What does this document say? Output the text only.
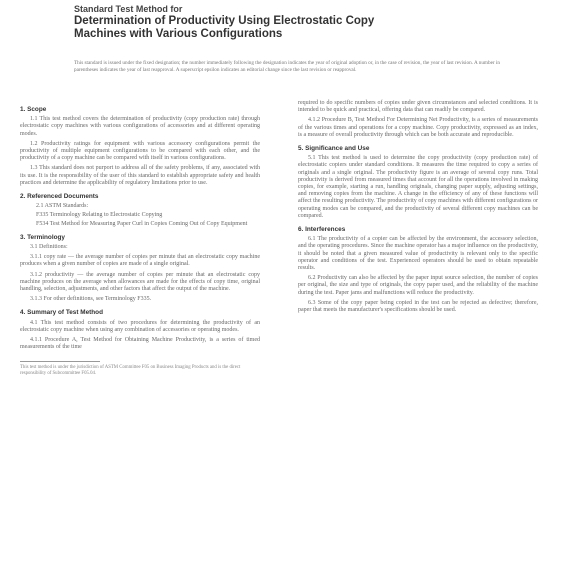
Standard Test Method for
Determination of Productivity Using Electrostatic Copy
Machines with Various Configurations
This standard is issued under the fixed designation; the number immediately following the designation indicates the year of original adoption or, in the case of revision, the year of last revision. A number in parentheses indicates the year of last reapproval. A superscript epsilon indicates an editorial change since the last revision or reapproval.
1. Scope
1.1 This test method covers the determination of productivity (copy production rate) through electrostatic copy machines with various configurations of accessories and at different operating modes.
1.2 Productivity ratings for equipment with various accessory configurations permit the productivity of multiple equipment configurations to be compared with each other, and the productivity of a copy machine can be compared with itself in various configurations.
1.3 This standard does not purport to address all of the safety problems, if any, associated with its use. It is the responsibility of the user of this standard to establish appropriate safety and health practices and determine the applicability of regulatory limitations prior to use.
2. Referenced Documents
2.1 ASTM Standards:
F335 Terminology Relating to Electrostatic Copying
F534 Test Method for Measuring Paper Curl in Copies Coming Out of Copy Equipment
3. Terminology
3.1 Definitions:
3.1.1 copy rate — the average number of copies per minute that an electrostatic copy machine produces when a given number of copies are made of a single original.
3.1.2 productivity — the average number of copies per minute that an electrostatic copy machine produces on the average when allowances are made for the effects of copy time, original handling, selection, adjustments, and other factors that affect the output of the machine.
3.1.3 For other definitions, see Terminology F335.
4. Summary of Test Method
4.1 This test method consists of two procedures for determining the productivity of an electrostatic copy machine when using any combination of accessories or operating modes.
4.1.1 Procedure A, Test Method for Obtaining Machine Productivity, is a series of timed measurements of the time
This test method is under the jurisdiction of ASTM Committee F05 on Business Imaging Products and is the direct responsibility of Subcommittee F05.04.
required to do specific numbers of copies under given circumstances and selected conditions. It is intended to be quick and practical, offering data that can readily be compared.
4.1.2 Procedure B, Test Method For Determining Net Productivity, is a series of measurements of the various times and operations for a copy machine. Copy productivity, expressed as an index, is a measure of overall productivity through which can be both accurate and reproducible.
5. Significance and Use
5.1 This test method is used to determine the copy productivity (copy production rate) of electrostatic copiers under standard conditions. It measures the time required to copy a series of originals and a single original. The productivity figure is an average of several copy runs. Total productivity is derived from measured times that account for all the operations involved in making copies, for example, starting a run, handling originals, changing paper supply, adjusting settings, and removing copies from the machine. A change in the efficiency of any of these functions will affect the resulting productivity. The productivity of copy machines with different configurations or operating modes can be compared, and the productivity of several different copy machines can be compared.
6. Interferences
6.1 The productivity of a copier can be affected by the environment, the accessory selection, and the operating procedures. Since the machine operator has a major influence on the productivity, it should be noted that a given measured value of productivity is relevant only to the specific operator and conditions of the test. Experienced operators should be used to obtain repeatable results.
6.2 Productivity can also be affected by the paper input source selection, the number of copies per original, the size and type of originals, the copy paper used, and the reliability of the machine during the test. Paper jams and malfunctions will reduce the productivity.
6.3 Some of the copy paper being copied in the test can be rejected as defective; therefore, paper that meets the manufacturer's specifications should be used.
